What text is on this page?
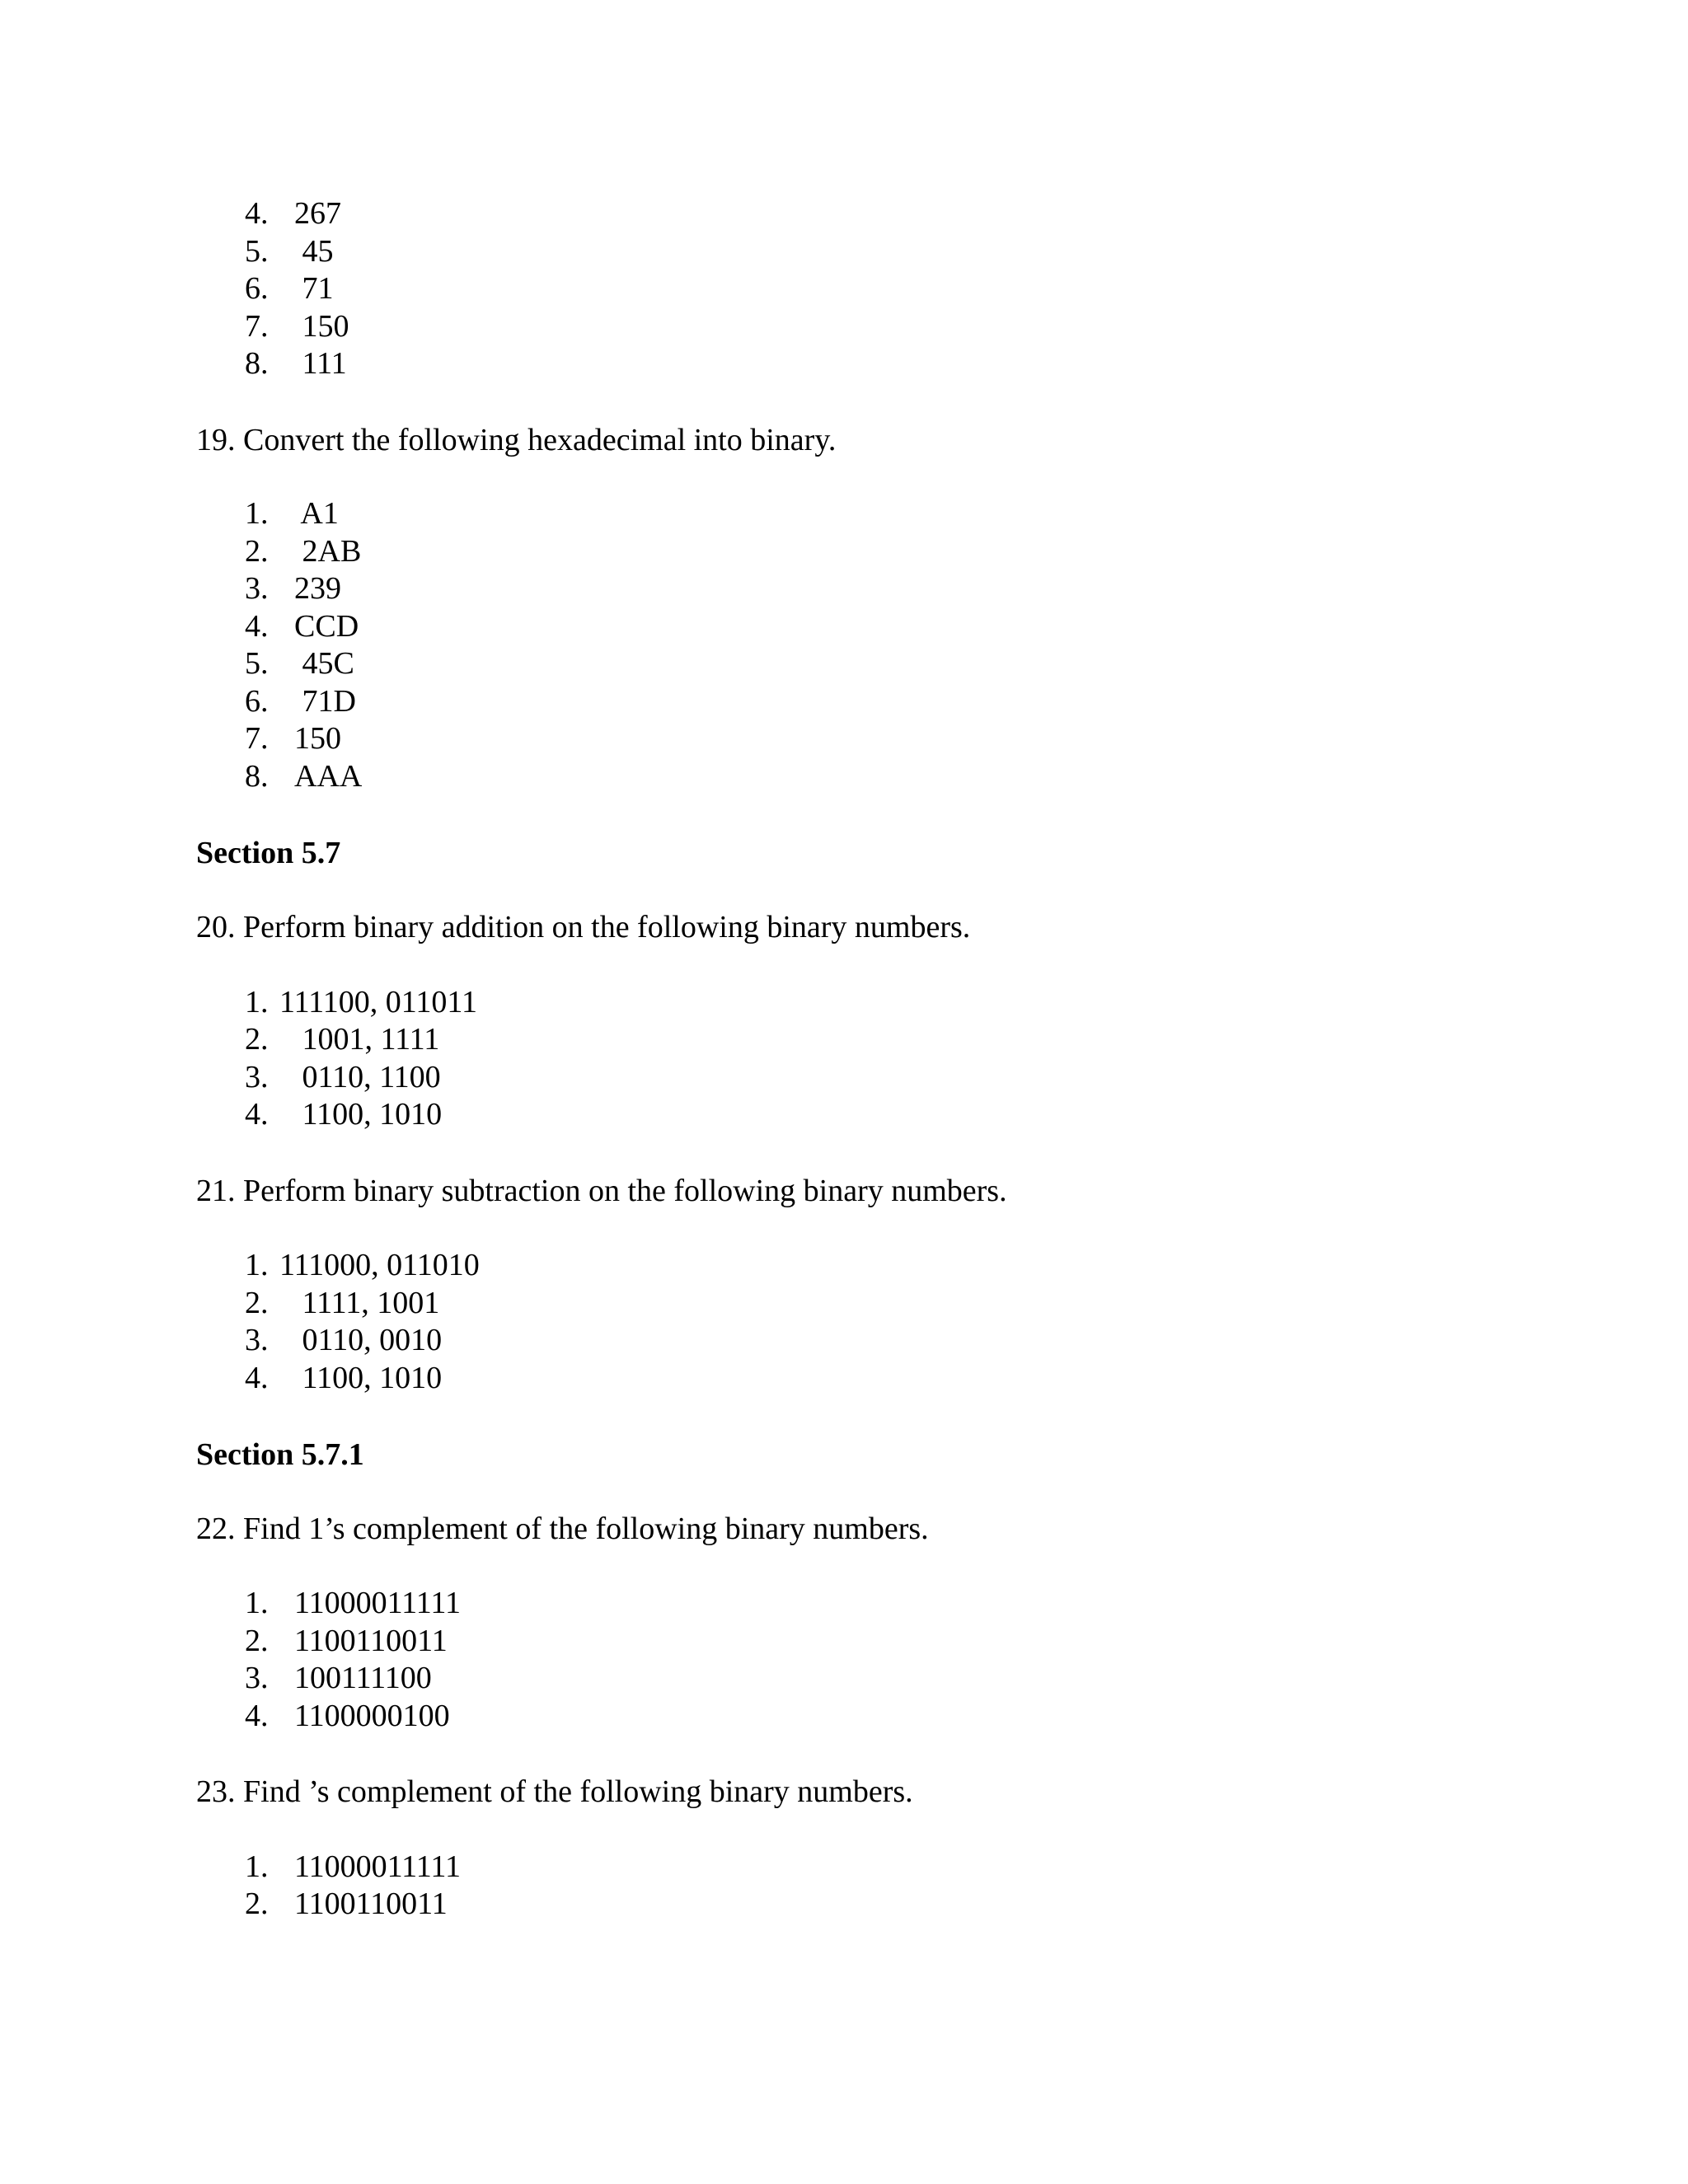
4. 267
5. 45
6. 71
7. 150
8. 111
19. Convert the following hexadecimal into binary.
1. A1
2. 2AB
3. 239
4. CCD
5. 45C
6. 71D
7. 150
8. AAA
Section 5.7
20. Perform binary addition on the following binary numbers.
1. 111100, 011011
2. 1001, 1111
3. 0110, 1100
4. 1100, 1010
21. Perform binary subtraction on the following binary numbers.
1. 111000, 011010
2. 1111, 1001
3. 0110, 0010
4. 1100, 1010
Section 5.7.1
22. Find 1’s complement of the following binary numbers.
1. 11000011111
2. 1100110011
3. 100111100
4. 1100000100
23. Find ’s complement of the following binary numbers.
1. 11000011111
2. 1100110011
